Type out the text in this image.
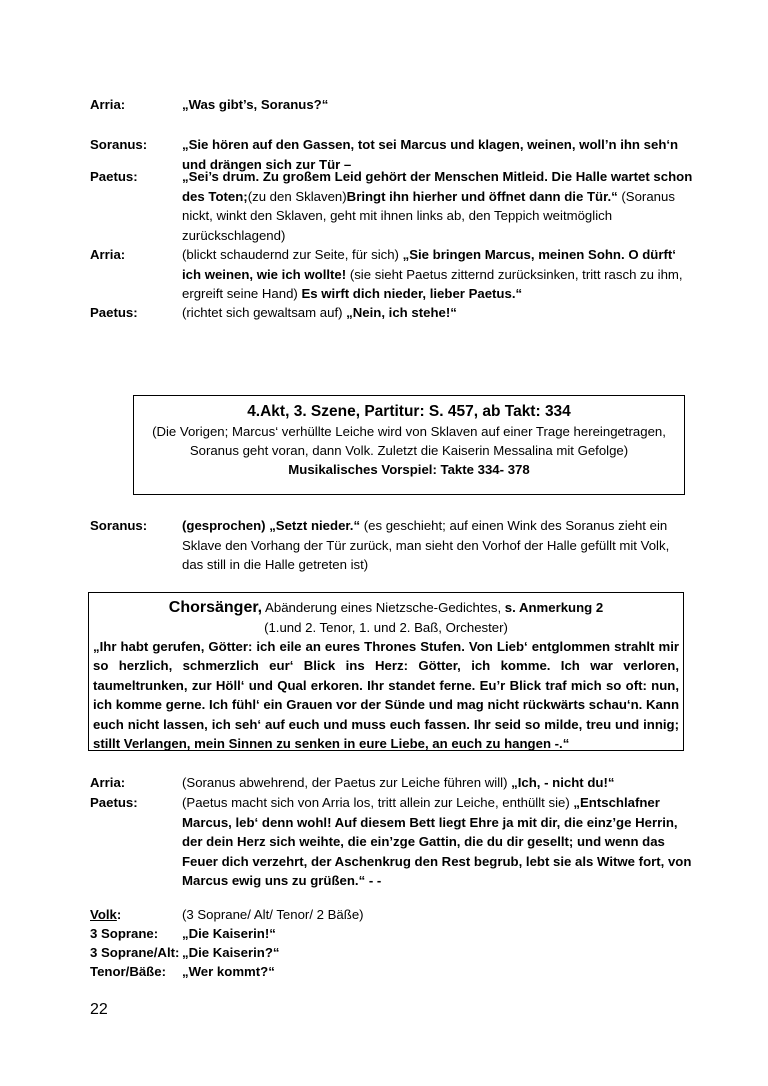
Arria:	„Was gibt’s, Soranus?“
Soranus:	„Sie hören auf den Gassen, tot sei Marcus und klagen, weinen, woll’n ihn seh‘n und drängen sich zur Tür –
Paetus:	„Sei’s drum. Zu großem Leid gehört der Menschen Mitleid. Die Halle wartet schon des Toten;(zu den Sklaven)Bringt ihn hierher und öffnet dann die Tür.“ (Soranus nickt, winkt den Sklaven, geht mit ihnen links ab, den Teppich weitmöglich zurückschlagend)
Arria:	(blickt schaudernd zur Seite, für sich) „Sie bringen Marcus, meinen Sohn. O dürft‘ ich weinen, wie ich wollte! (sie sieht Paetus zitternd zurücksinken, tritt rasch zu ihm, ergreift seine Hand) Es wirft dich nieder, lieber Paetus.“
Paetus:	(richtet sich gewaltsam auf) „Nein, ich stehe!“
4.Akt, 3. Szene, Partitur: S. 457, ab Takt: 334
(Die Vorigen; Marcus‘ verhüllte Leiche wird von Sklaven auf einer Trage hereingetragen, Soranus geht voran, dann Volk. Zuletzt die Kaiserin Messalina mit Gefolge)
Musikalisches Vorspiel: Takte 334- 378
Soranus:	(gesprochen) „Setzt nieder.“ (es geschieht; auf einen Wink des Soranus zieht ein Sklave den Vorhang der Tür zurück, man sieht den Vorhof der Halle gefüllt mit Volk, das still in die Halle getreten ist)
Chorsänger, Abänderung eines Nietzsche-Gedichtes, s. Anmerkung 2
(1.und 2. Tenor, 1. und 2. Baß, Orchester)
„Ihr habt gerufen, Götter: ich eile an eures Thrones Stufen. Von Lieb‘ entglommen strahlt mir so herzlich, schmerzlich eur‘ Blick ins Herz: Götter, ich komme. Ich war verloren, taumeltrunken, zur Höll‘ und Qual erkoren. Ihr standet ferne. Eu’r Blick traf mich so oft: nun, ich komme gerne. Ich fühl‘ ein Grauen vor der Sünde und mag nicht rückwärts schau‘n. Kann euch nicht lassen, ich seh‘ auf euch und muss euch fassen. Ihr seid so milde, treu und innig; stillt Verlangen, mein Sinnen zu senken in eure Liebe, an euch zu hangen -.“
Arria:	(Soranus abwehrend, der Paetus zur Leiche führen will) „Ich, - nicht du!“
Paetus:	(Paetus macht sich von Arria los, tritt allein zur Leiche, enthüllt sie) „Entschlafner Marcus, leb‘ denn wohl! Auf diesem Bett liegt Ehre ja mit dir, die einz’ge Herrin, der dein Herz sich weihte, die ein’zge Gattin, die du dir gesellt; und wenn das Feuer dich verzehrt, der Aschenkrug den Rest begrub, lebt sie als Witwe fort, von Marcus ewig uns zu grüßen.“ - -
Volk:	(3 Soprane/ Alt/ Tenor/ 2 Bäße)
3 Soprane: „Die Kaiserin!“
3 Soprane/Alt: „Die Kaiserin?“
Tenor/Bäße: „Wer kommt?“
22
